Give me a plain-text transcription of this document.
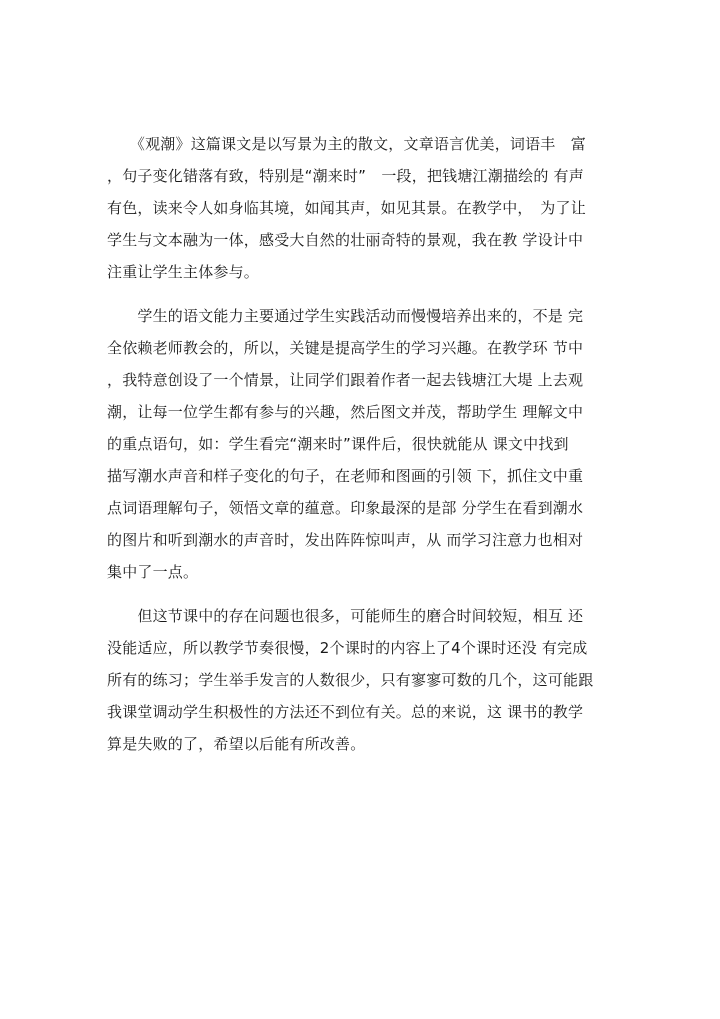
　　《观潮》这篇课文是以写景为主的散文，文章语言优美，词语丰　富
，句子变化错落有致，特别是“潮来时”　一段，把钱塘江潮描绘的 有声
有色，读来令人如身临其境，如闻其声，如见其景。在教学中，　为了让
学生与文本融为一体，感受大自然的壮丽奇特的景观，我在教 学设计中
注重让学生主体参与。
　　学生的语文能力主要通过学生实践活动而慢慢培养出来的，不是 完
全依赖老师教会的，所以，关键是提高学生的学习兴趣。在教学环 节中
，我特意创设了一个情景，让同学们跟着作者一起去钱塘江大堤 上去观
潮，让每一位学生都有参与的兴趣，然后图文并茂，帮助学生 理解文中
的重点语句，如：学生看完“潮来时”课件后，很快就能从 课文中找到
描写潮水声音和样子变化的句子，在老师和图画的引领 下，抓住文中重
点词语理解句子，领悟文章的蕴意。印象最深的是部 分学生在看到潮水
的图片和听到潮水的声音时，发出阵阵惊叫声，从 而学习注意力也相对
集中了一点。
　　但这节课中的存在问题也很多，可能师生的磨合时间较短，相互 还
没能适应，所以教学节奏很慢，2个课时的内容上了4个课时还没 有完成
所有的练习；学生举手发言的人数很少，只有寥寥可数的几个，这可能跟
我课堂调动学生积极性的方法还不到位有关。总的来说，这 课书的教学
算是失败的了，希望以后能有所改善。
